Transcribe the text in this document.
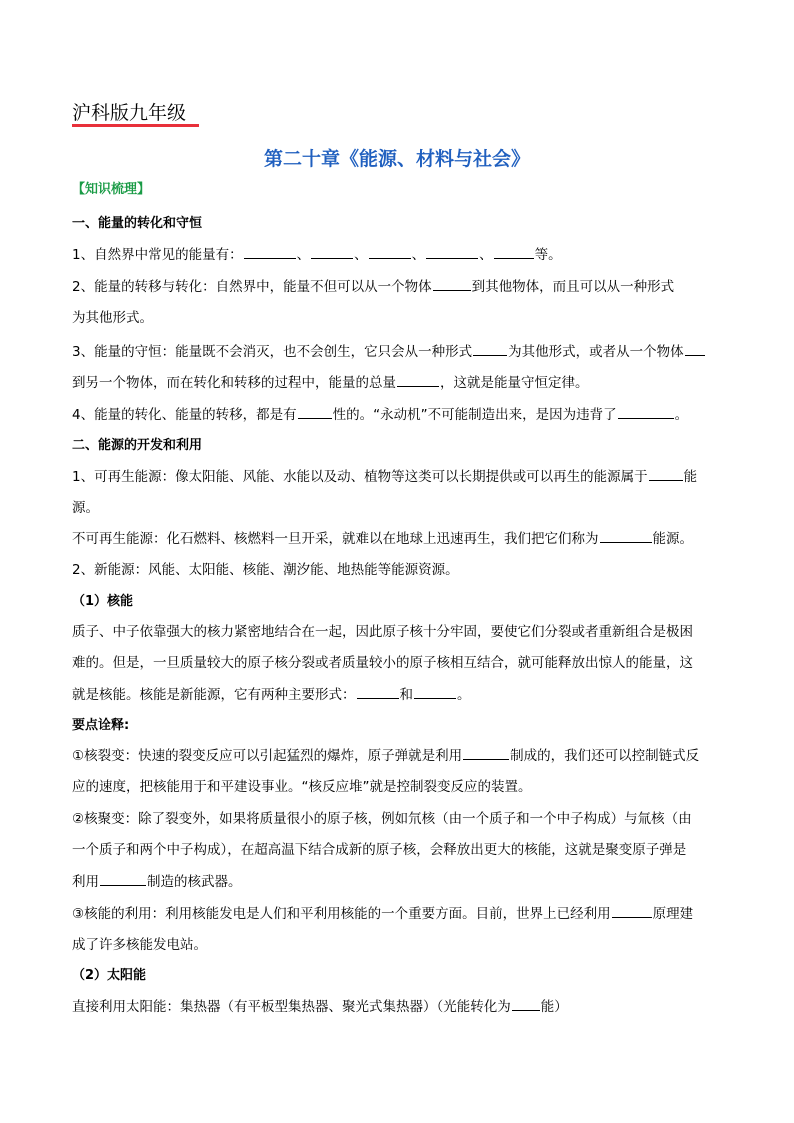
沪科版九年级
第二十章《能源、材料与社会》
【知识梳理】
一、能量的转化和守恒
1、自然界中常见的能量有：	、	、	、	、	等。
2、能量的转移与转化：自然界中，能量不但可以从一个物体	到其他物体，而且可以从一种形式
为其他形式。
3、能量的守恒：能量既不会消灭，也不会创生，它只会从一种形式	为其他形式，或者从一个物体
到另一个物体，而在转化和转移的过程中，能量的总量	，这就是能量守恒定律。
4、能量的转化、能量的转移，都是有	性的。“永动机”不可能制造出来，是因为违背了	。
二、能源的开发和利用
1、可再生能源：像太阳能、风能、水能以及动、植物等这类可以长期提供或可以再生的能源属于	能
源。
不可再生能源：化石燃料、核燃料一旦开采，就难以在地球上迅速再生，我们把它们称为	能源。
2、新能源：风能、太阳能、核能、潮汐能、地热能等能源资源。
（1）核能
质子、中子依靠强大的核力紧密地结合在一起，因此原子核十分牢固，要使它们分裂或者重新组合是极困
难的。但是，一旦质量较大的原子核分裂或者质量较小的原子核相互结合，就可能释放出惊人的能量，这
就是核能。核能是新能源，它有两种主要形式：	和	。
要点诠释:
①核裂变：快速的裂变反应可以引起猛烈的爆炸，原子弹就是利用	制成的，我们还可以控制链式反
应的速度，把核能用于和平建设事业。“核反应堆”就是控制裂变反应的装置。
②核聚变：除了裂变外，如果将质量很小的原子核，例如氘核（由一个质子和一个中子构成）与氚核（由
一个质子和两个中子构成），在超高温下结合成新的原子核，会释放出更大的核能，这就是聚变原子弹是
利用	制造的核武器。
③核能的利用：利用核能发电是人们和平利用核能的一个重要方面。目前，世界上已经利用	原理建
成了许多核能发电站。
（2）太阳能
直接利用太阳能：集热器（有平板型集热器、聚光式集热器）（光能转化为 能）
